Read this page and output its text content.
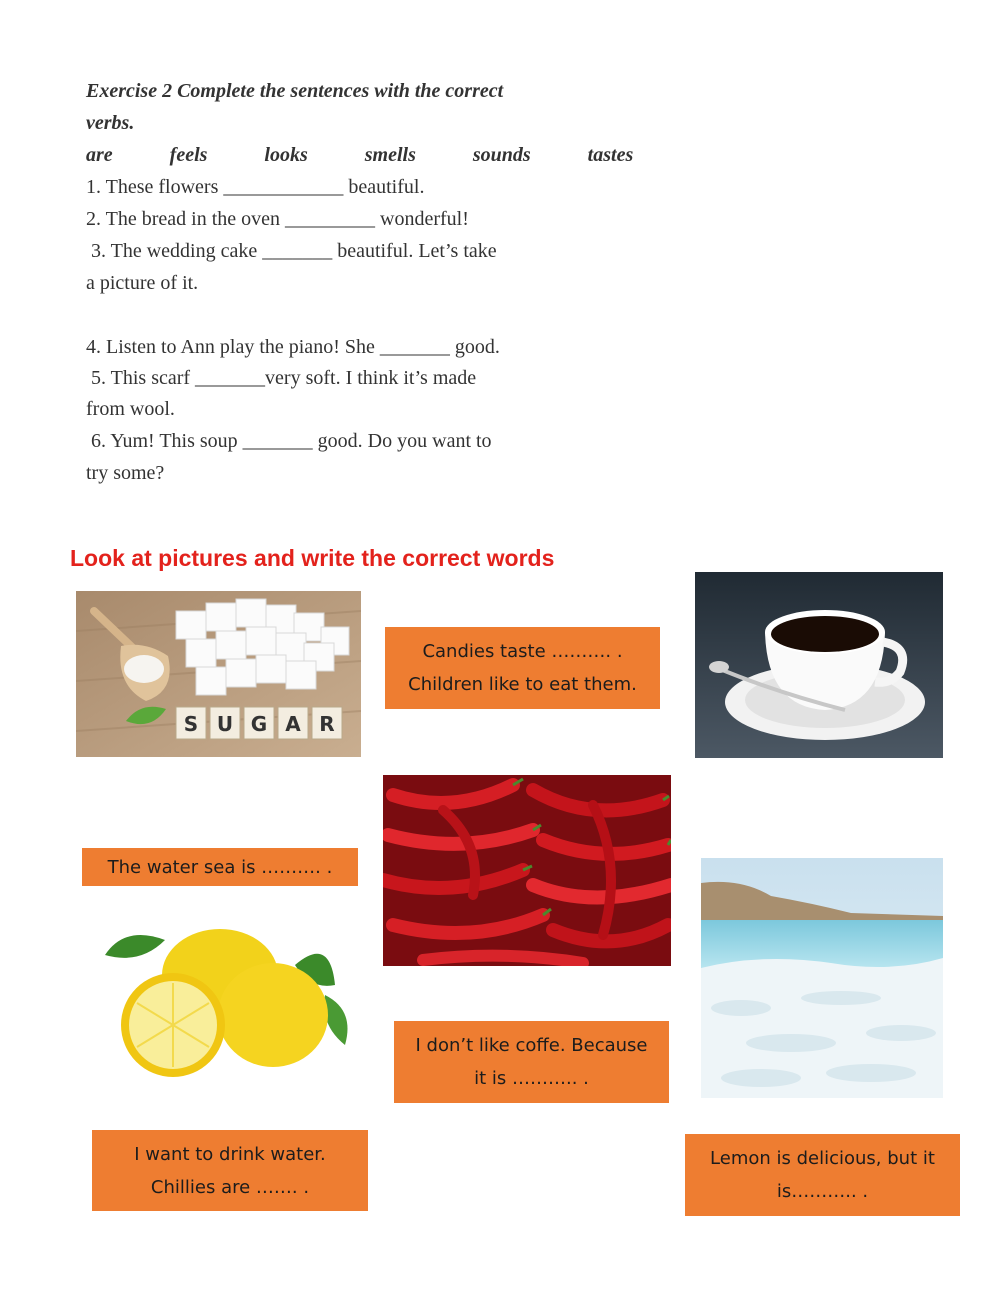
Exercise 2 Complete the sentences with the correct
verbs.
are   feels   looks   smells   sounds   tastes
1. These flowers ____________ beautiful.
2. The bread in the oven _________ wonderful!
3. The wedding cake _______ beautiful. Let’s take
a picture of it.
4. Listen to Ann play the piano! She _______ good.
5. This scarf _______very soft. I think it’s made
from wool.
6. Yum! This soup _______ good. Do you want to
try some?
Look at pictures and write the correct words
S U G A R
Candies taste ………. .
Children like to eat them.
The water sea is ………. .
I don’t like coffe. Because
it is ……….. .
I want to drink water.
Chillies are ……. .
Lemon is delicious, but it
is……….. .
